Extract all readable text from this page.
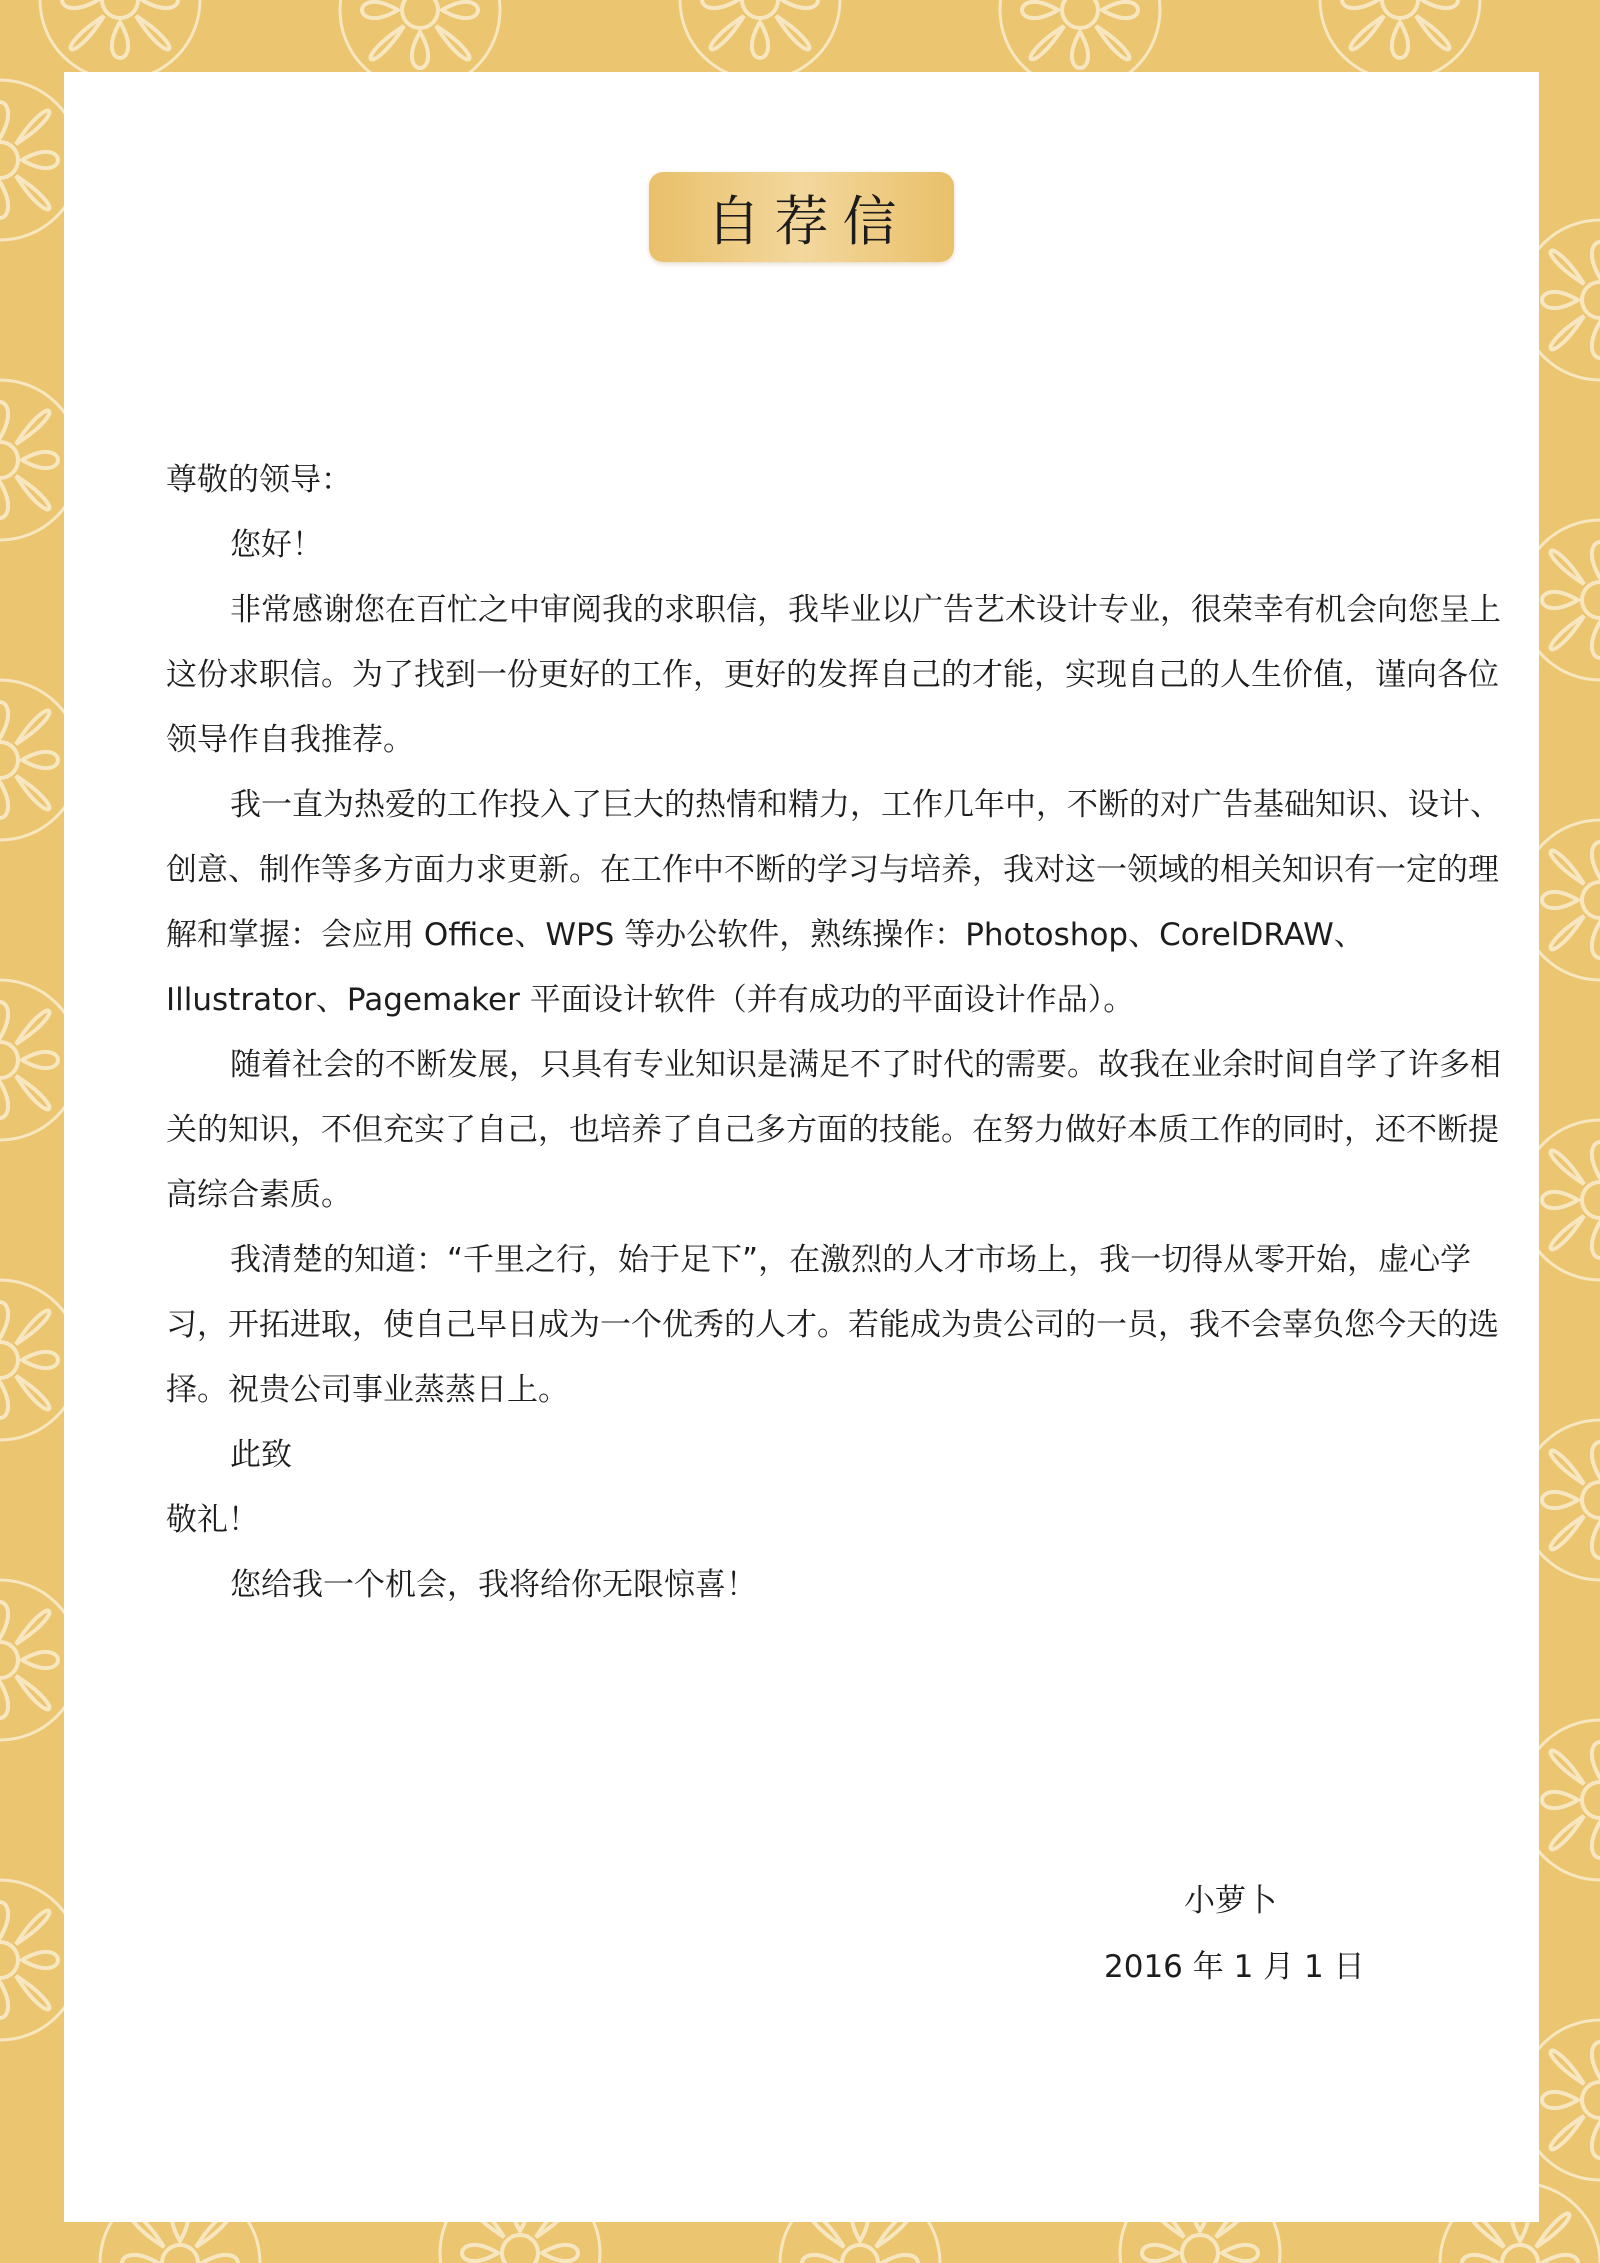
自荐信

尊敬的领导：

您好！

非常感谢您在百忙之中审阅我的求职信，我毕业以广告艺术设计专业，很荣幸有机会向您呈上这份求职信。为了找到一份更好的工作，更好的发挥自己的才能，实现自己的人生价值，谨向各位领导作自我推荐。

我一直为热爱的工作投入了巨大的热情和精力，工作几年中，不断的对广告基础知识、设计、创意、制作等多方面力求更新。在工作中不断的学习与培养，我对这一领域的相关知识有一定的理解和掌握：会应用 Office、WPS 等办公软件，熟练操作：Photoshop、CorelDRAW、Illustrator、Pagemaker 平面设计软件（并有成功的平面设计作品）。

随着社会的不断发展，只具有专业知识是满足不了时代的需要。故我在业余时间自学了许多相关的知识，不但充实了自己，也培养了自己多方面的技能。在努力做好本质工作的同时，还不断提高综合素质。

我清楚的知道：“千里之行，始于足下”，在激烈的人才市场上，我一切得从零开始，虚心学习，开拓进取，使自己早日成为一个优秀的人才。若能成为贵公司的一员，我不会辜负您今天的选择。祝贵公司事业蒸蒸日上。

此致

敬礼！

您给我一个机会，我将给你无限惊喜！

小萝卜
2016 年 1 月 1 日
